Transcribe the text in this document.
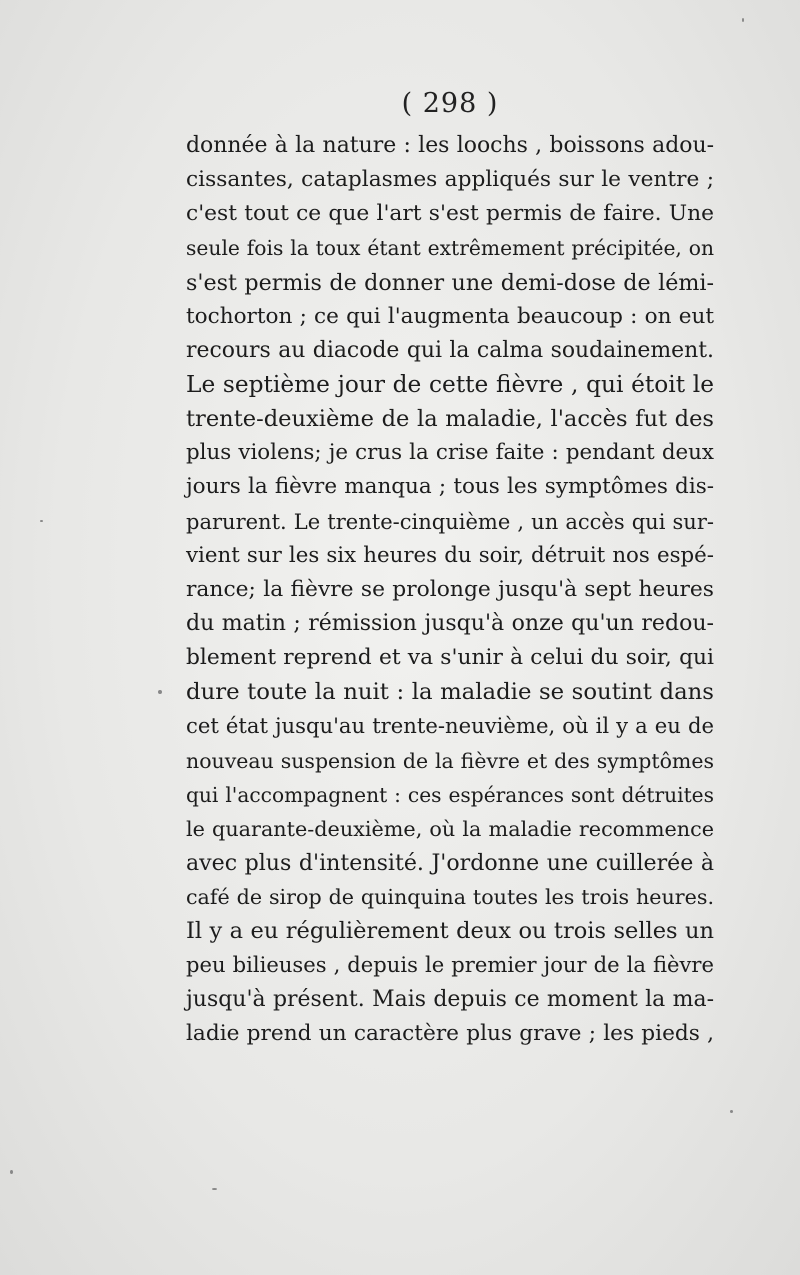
( 298 )
donnée à la nature : les loochs , boissons adou-
cissantes, cataplasmes appliqués sur le ventre ;
c'est tout ce que l'art s'est permis de faire. Une
seule fois la toux étant extrêmement précipitée, on
s'est permis de donner une demi-dose de lémi-
tochorton ; ce qui l'augmenta beaucoup : on eut
recours au diacode qui la calma soudainement.
Le septième jour de cette fièvre , qui étoit le
trente-deuxième de la maladie, l'accès fut des
plus violens; je crus la crise faite : pendant deux
jours la fièvre manqua ; tous les symptômes dis-
parurent. Le trente-cinquième , un accès qui sur-
vient sur les six heures du soir, détruit nos espé-
rance; la fièvre se prolonge jusqu'à sept heures
du matin ; rémission jusqu'à onze qu'un redou-
blement reprend et va s'unir à celui du soir, qui
dure toute la nuit : la maladie se soutint dans
cet état jusqu'au trente-neuvième, où il y a eu de
nouveau suspension de la fièvre et des symptômes
qui l'accompagnent : ces espérances sont détruites
le quarante-deuxième, où la maladie recommence
avec plus d'intensité. J'ordonne une cuillerée à
café de sirop de quinquina toutes les trois heures.
Il y a eu régulièrement deux ou trois selles un
peu bilieuses , depuis le premier jour de la fièvre
jusqu'à présent. Mais depuis ce moment la ma-
ladie prend un caractère plus grave ; les pieds ,
